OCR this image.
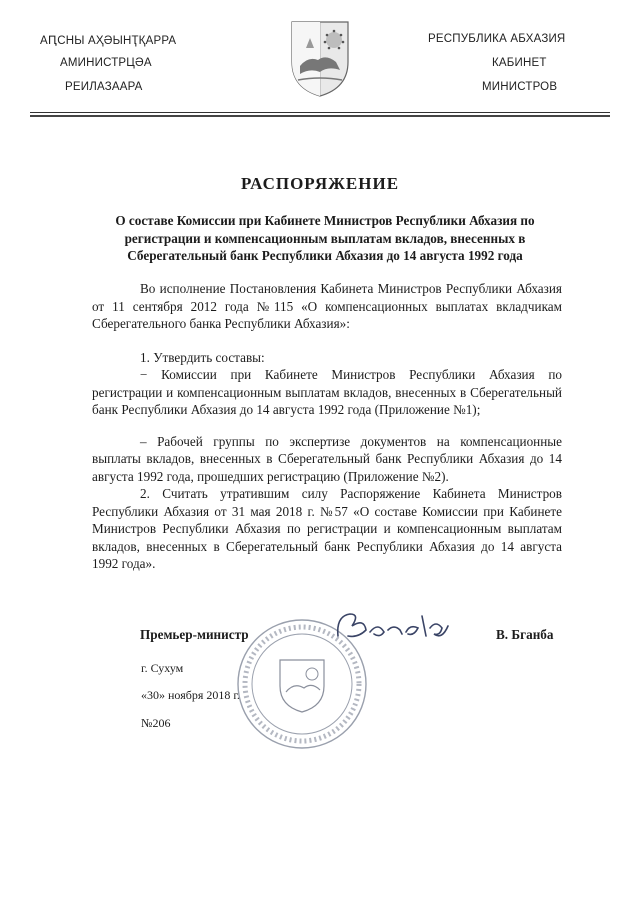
АԤСНЫ АҲӘЫНҬҚАРРА
АМИНИСТРЦӘА
РЕИЛАЗААРА
РЕСПУБЛИКА АБХАЗИЯ
КАБИНЕТ
МИНИСТРОВ
РАСПОРЯЖЕНИЕ
О составе Комиссии при Кабинете Министров Республики Абхазия по регистрации и компенсационным выплатам вкладов, внесенных в Сберегательный банк Республики Абхазия до 14 августа 1992 года

Во исполнение Постановления Кабинета Министров Республики Абхазия от 11 сентября 2012 года №115 «О компенсационных выплатах вкладчикам Сберегательного банка Республики Абхазия»:

1. Утвердить составы:

− Комиссии при Кабинете Министров Республики Абхазия по регистрации и компенсационным выплатам вкладов, внесенных в Сберегательный банк Республики Абхазия до 14 августа 1992 года (Приложение №1);

– Рабочей группы по экспертизе документов на компенсационные выплаты вкладов, внесенных в Сберегательный банк Республики Абхазия до 14 августа 1992 года, прошедших регистрацию (Приложение №2).

2. Считать утратившим силу Распоряжение Кабинета Министров Республики Абхазия от 31 мая 2018 г. №57 «О составе Комиссии при Кабинете Министров Республики Абхазия по регистрации и компенсационным выплатам вкладов, внесенных в Сберегательный банк Республики Абхазия до 14 августа 1992 года».

Премьер-министр	В. Бганба
г. Сухум
«30» ноября 2018 г.
№206
